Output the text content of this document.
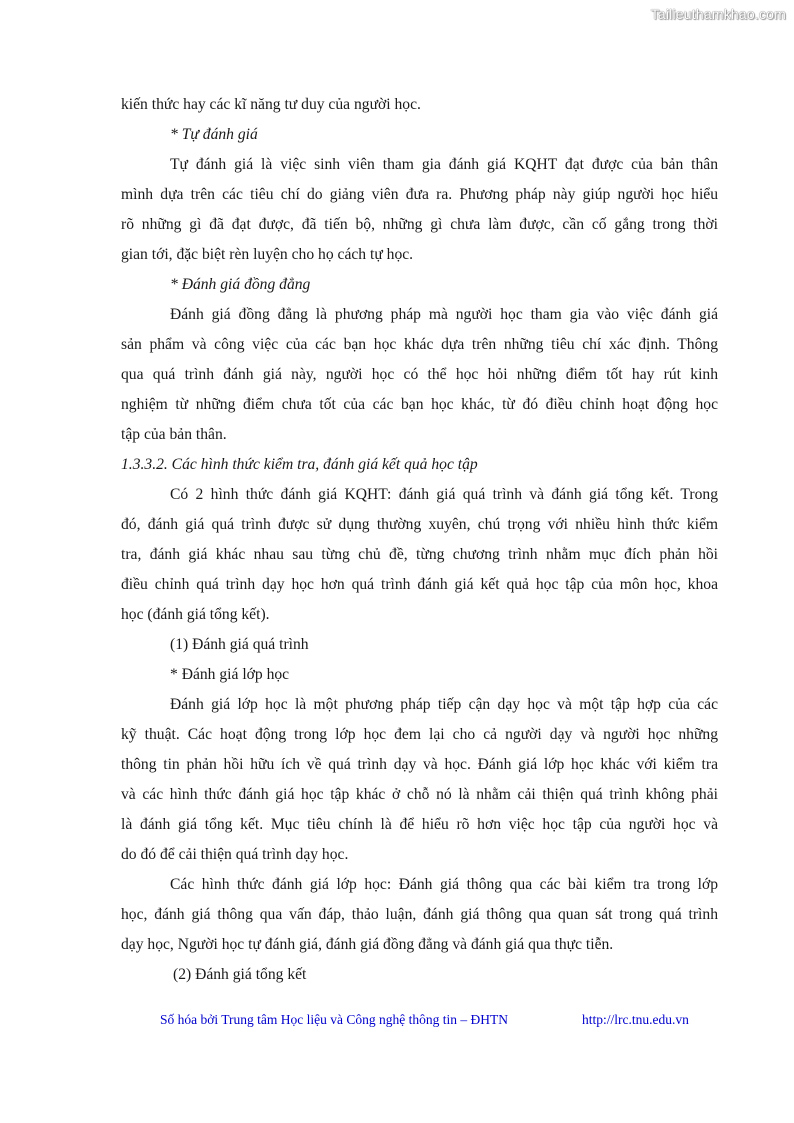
Tailieuthamkhao.com
kiến thức hay các kĩ năng tư duy của người học.
* Tự đánh giá
Tự đánh giá là việc sinh viên tham gia đánh giá KQHT đạt được của bản thân
mình dựa trên các tiêu chí do giảng viên đưa ra. Phương pháp này giúp người học hiểu
rõ những gì đã đạt được, đã tiến bộ, những gì chưa làm được, cần cố gắng trong thời
gian tới, đặc biệt rèn luyện cho họ cách tự học.
* Đánh giá đồng đẳng
Đánh giá đồng đẳng là phương pháp mà người học tham gia vào việc đánh giá
sản phẩm và công việc của các bạn học khác dựa trên những tiêu chí xác định. Thông
qua quá trình đánh giá này, người học có thể học hỏi những điểm tốt hay rút kinh
nghiệm từ những điểm chưa tốt của các bạn học khác, từ đó điều chỉnh hoạt động học
tập của bản thân.
1.3.3.2. Các hình thức kiểm tra, đánh giá kết quả học tập
Có 2 hình thức đánh giá KQHT: đánh giá quá trình và đánh giá tổng kết. Trong
đó, đánh giá quá trình được sử dụng thường xuyên, chú trọng với nhiều hình thức kiểm
tra, đánh giá khác nhau sau từng chủ đề, từng chương trình nhằm mục đích phản hồi
điều chỉnh quá trình dạy học hơn quá trình đánh giá kết quả học tập của môn học, khoa
học (đánh giá tổng kết).
(1) Đánh giá quá trình
* Đánh giá lớp học
Đánh giá lớp học là một phương pháp tiếp cận dạy học và một tập hợp của các
kỹ thuật. Các hoạt động trong lớp học đem lại cho cả người dạy và người học những
thông tin phản hồi hữu ích về quá trình dạy và học. Đánh giá lớp học khác với kiểm tra
và các hình thức đánh giá học tập khác ở chỗ nó là nhằm cải thiện quá trình không phải
là đánh giá tổng kết. Mục tiêu chính là để hiểu rõ hơn việc học tập của người học và
do đó để cải thiện quá trình dạy học.
Các hình thức đánh giá lớp học: Đánh giá thông qua các bài kiểm tra trong lớp
học, đánh giá thông qua vấn đáp, thảo luận, đánh giá thông qua quan sát trong quá trình
dạy học, Người học tự đánh giá, đánh giá đồng đẳng và đánh giá qua thực tiễn.
(2) Đánh giá tổng kết
Số hóa bởi Trung tâm Học liệu và Công nghệ thông tin – ĐHTN	http://lrc.tnu.edu.vn
